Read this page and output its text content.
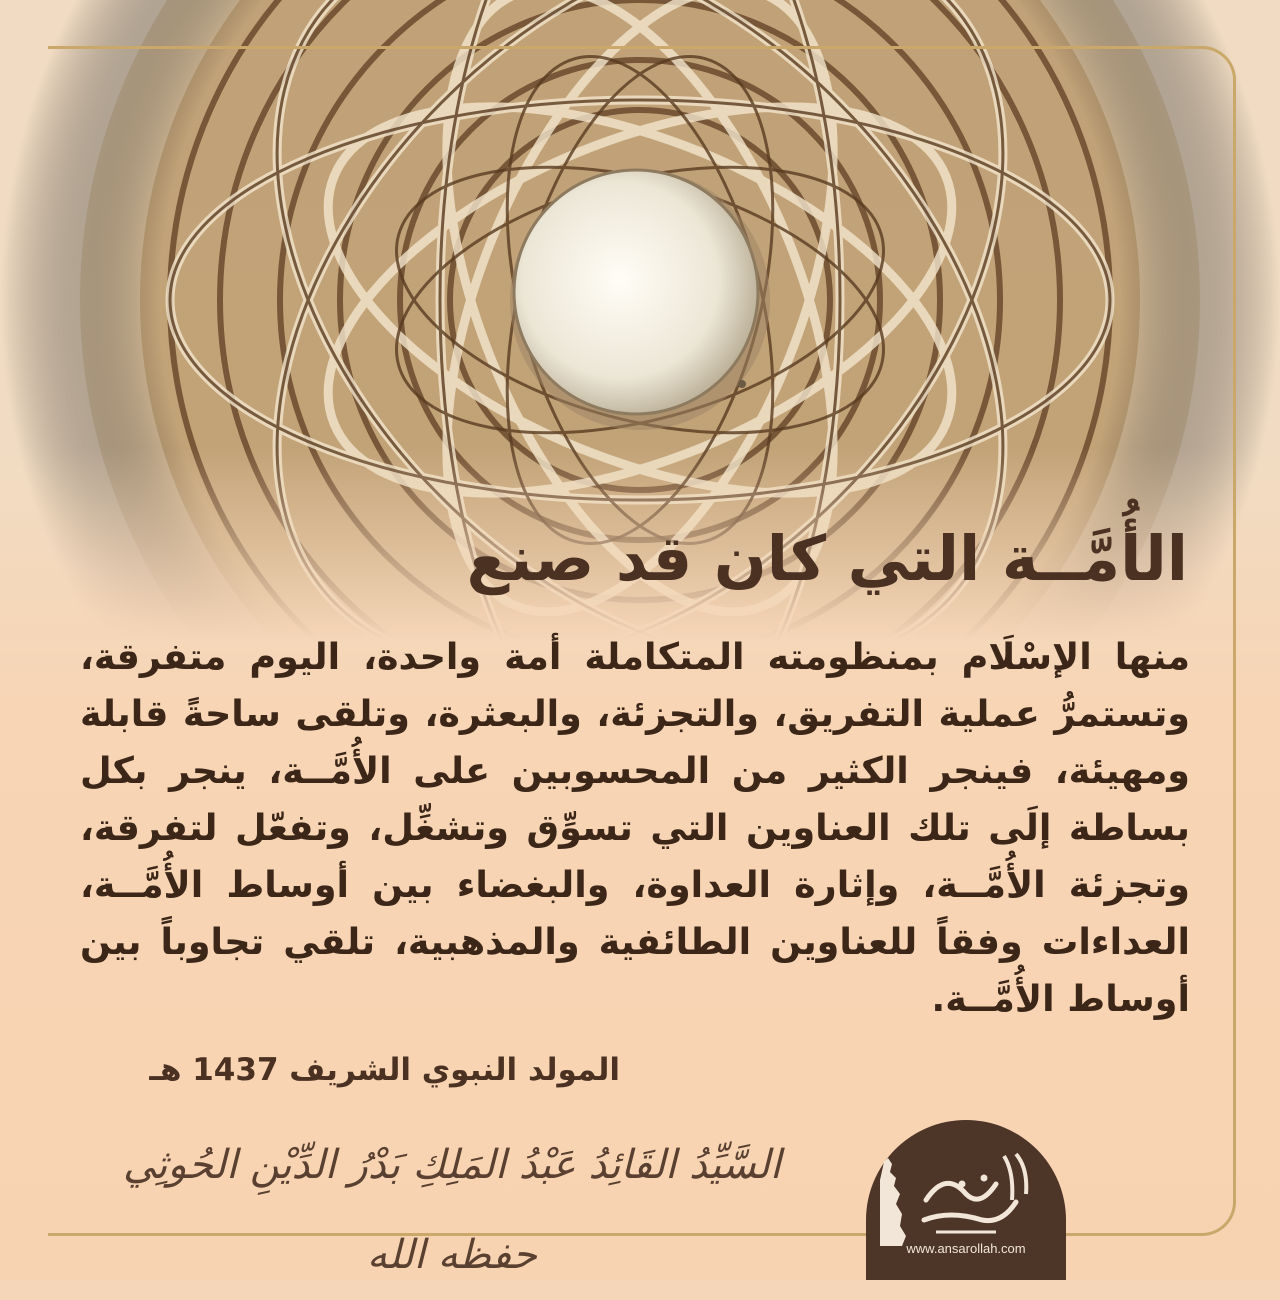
الأُمَّــة التي كان قد صنع
منها الإسْلَام بمنظومته المتكاملة أمة واحدة، اليوم متفرقة، وتستمرُّ عملية التفريق، والتجزئة، والبعثرة، وتلقى ساحةً قابلة ومهيئة، فينجر الكثير من المحسوبين على الأُمَّــة، ينجر بكل بساطة إلَى تلك العناوين التي تسوِّق وتشغِّل، وتفعّل لتفرقة، وتجزئة الأُمَّــة، وإثارة العداوة، والبغضاء بين أوساط الأُمَّــة، العداءات وفقاً للعناوين الطائفية والمذهبية، تلقي تجاوباً بين أوساط الأُمَّــة.
المولد النبوي الشريف 1437 هـ
السَّيِّدُ القَائِدُ عَبْدُ المَلِكِ بَدْرُ الدِّيْنِ الحُوثِي حفظه الله	www.ansarollah.com
